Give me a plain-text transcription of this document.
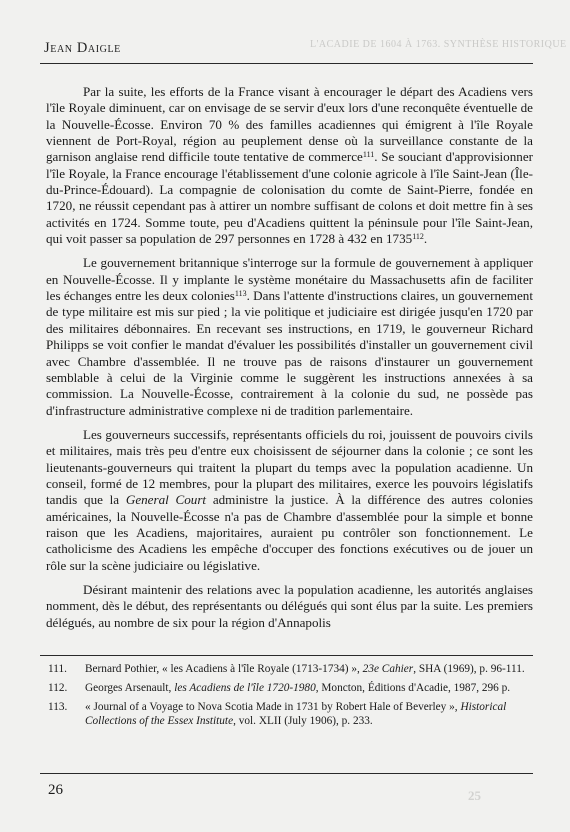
L'ACADIE DE 1604 À 1763. SYNTHÈSE HISTORIQUE
Jean Daigle

Par la suite, les efforts de la France visant à encourager le départ des Acadiens vers l'île Royale diminuent, car on envisage de se servir d'eux lors d'une reconquête éventuelle de la Nouvelle-Écosse. Environ 70 % des familles acadiennes qui émigrent à l'île Royale viennent de Port-Royal, région au peuplement dense où la surveillance constante de la garnison anglaise rend difficile toute tentative de commerce$^{111}$. Se souciant d'approvisionner l'île Royale, la France encourage l'établissement d'une colonie agricole à l'île Saint-Jean (Île-du-Prince-Édouard). La compagnie de colonisation du comte de Saint-Pierre, fondée en 1720, ne réussit cependant pas à attirer un nombre suffisant de colons et doit mettre fin à ses activités en 1724. Somme toute, peu d'Acadiens quittent la péninsule pour l'île Saint-Jean, qui voit passer sa population de 297 personnes en 1728 à 432 en 1735$^{112}$.

Le gouvernement britannique s'interroge sur la formule de gouvernement à appliquer en Nouvelle-Écosse. Il y implante le système monétaire du Massachusetts afin de faciliter les échanges entre les deux colonies$^{113}$. Dans l'attente d'instructions claires, un gouvernement de type militaire est mis sur pied ; la vie politique et judiciaire est dirigée jusqu'en 1720 par des militaires débonnaires. En recevant ses instructions, en 1719, le gouverneur Richard Philipps se voit confier le mandat d'évaluer les possibilités d'installer un gouvernement civil avec Chambre d'assemblée. Il ne trouve pas de raisons d'instaurer un gouvernement semblable à celui de la Virginie comme le suggèrent les instructions annexées à sa commission. La Nouvelle-Écosse, contrairement à la colonie du sud, ne possède pas d'infrastructure administrative complexe ni de tradition parlementaire.

Les gouverneurs successifs, représentants officiels du roi, jouissent de pouvoirs civils et militaires, mais très peu d'entre eux choisissent de séjourner dans la colonie ; ce sont les lieutenants-gouverneurs qui traitent la plupart du temps avec la population acadienne. Un conseil, formé de 12 membres, pour la plupart des militaires, exerce les pouvoirs législatifs tandis que la General Court administre la justice. À la différence des autres colonies américaines, la Nouvelle-Écosse n'a pas de Chambre d'assemblée pour la simple et bonne raison que les Acadiens, majoritaires, auraient pu contrôler son fonctionnement. Le catholicisme des Acadiens les empêche d'occuper des fonctions exécutives ou de jouer un rôle sur la scène judiciaire ou législative.

Désirant maintenir des relations avec la population acadienne, les autorités anglaises nomment, dès le début, des représentants ou délégués qui sont élus par la suite. Les premiers délégués, au nombre de six pour la région d'Annapolis

111.	Bernard Pothier, « les Acadiens à l'île Royale (1713-1734) », 23e Cahier, SHA (1969), p. 96-111.
112.	Georges Arsenault, les Acadiens de l'île 1720-1980, Moncton, Éditions d'Acadie, 1987, 296 p.
113.	« Journal of a Voyage to Nova Scotia Made in 1731 by Robert Hale of Beverley », Historical Collections of the Essex Institute, vol. XLII (July 1906), p. 233.
26	25
